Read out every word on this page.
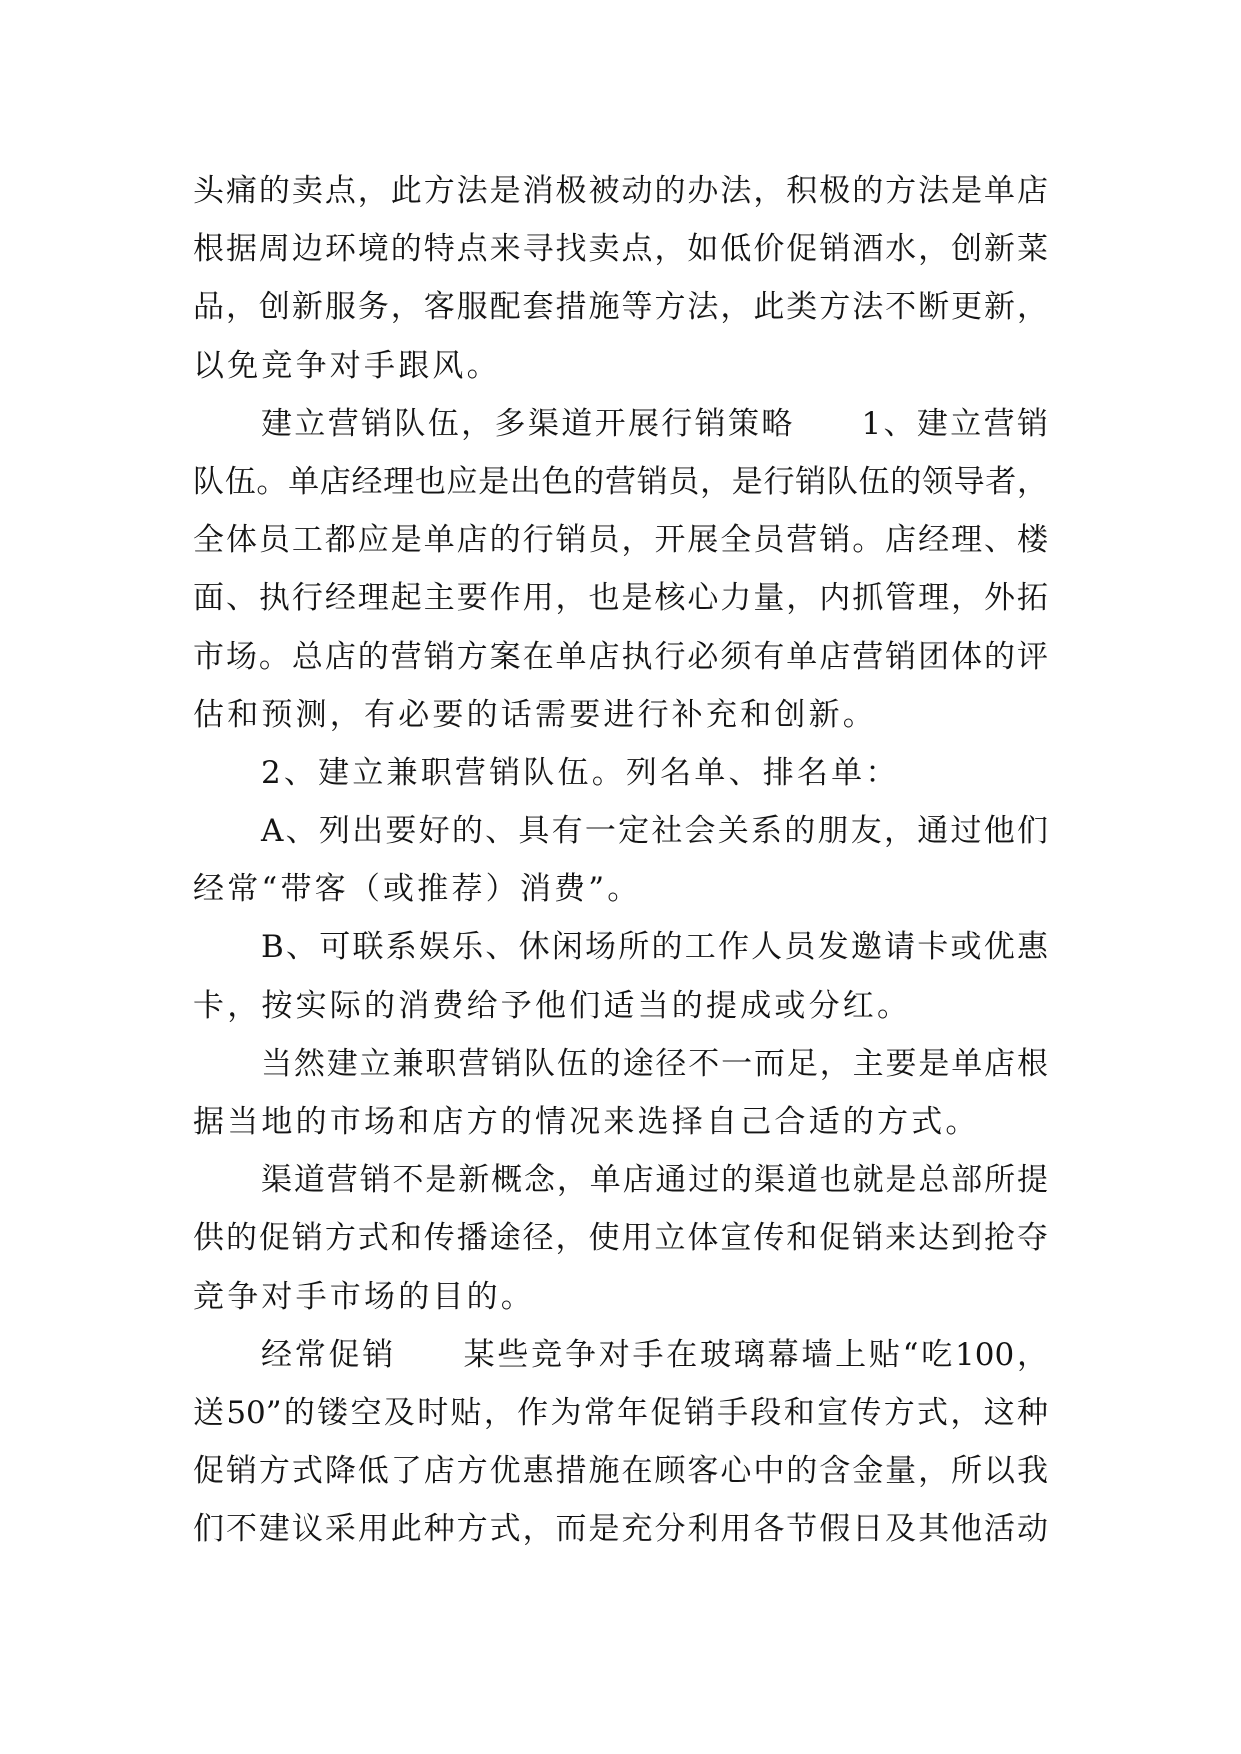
头痛的卖点，此方法是消极被动的办法，积极的方法是单店
根据周边环境的特点来寻找卖点，如低价促销酒水，创新菜
品，创新服务，客服配套措施等方法，此类方法不断更新，
以免竞争对手跟风。
建立营销队伍，多渠道开展行销策略　　1、建立营销
队伍。单店经理也应是出色的营销员，是行销队伍的领导者，
全体员工都应是单店的行销员，开展全员营销。店经理、楼
面、执行经理起主要作用，也是核心力量，内抓管理，外拓
市场。总店的营销方案在单店执行必须有单店营销团体的评
估和预测，有必要的话需要进行补充和创新。
2、建立兼职营销队伍。列名单、排名单：
A、列出要好的、具有一定社会关系的朋友，通过他们
经常“带客（或推荐）消费”。
B、可联系娱乐、休闲场所的工作人员发邀请卡或优惠
卡，按实际的消费给予他们适当的提成或分红。
当然建立兼职营销队伍的途径不一而足，主要是单店根
据当地的市场和店方的情况来选择自己合适的方式。
渠道营销不是新概念，单店通过的渠道也就是总部所提
供的促销方式和传播途径，使用立体宣传和促销来达到抢夺
竞争对手市场的目的。
经常促销　　某些竞争对手在玻璃幕墙上贴“吃100，
送50”的镂空及时贴，作为常年促销手段和宣传方式，这种
促销方式降低了店方优惠措施在顾客心中的含金量，所以我
们不建议采用此种方式，而是充分利用各节假日及其他活动
